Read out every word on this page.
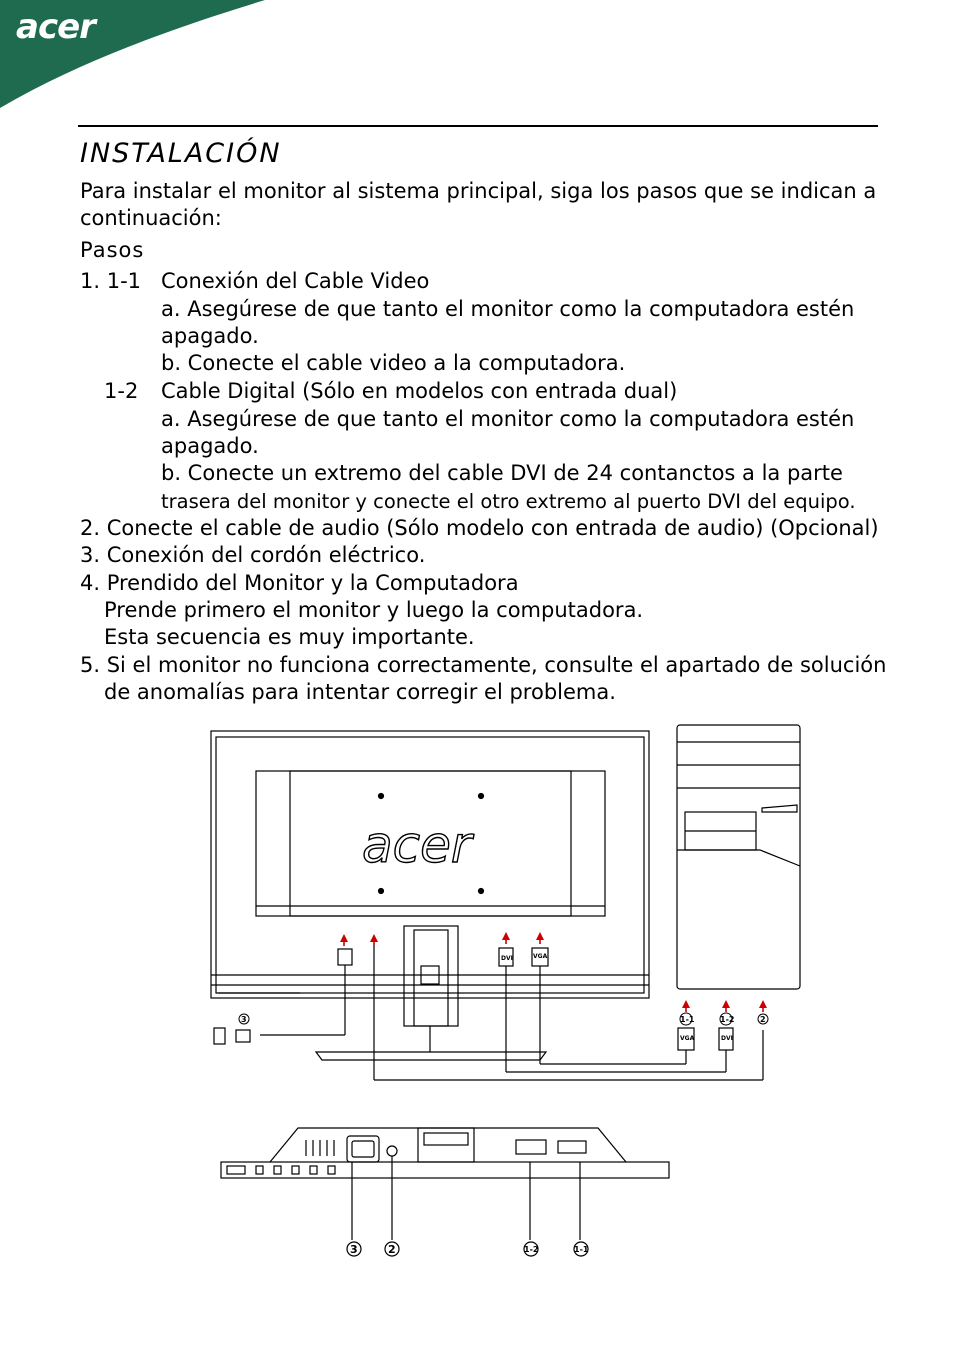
acer
INSTALACIÓN
Para instalar el monitor al sistema principal, siga los pasos que se indican a
continuación:
Pasos
1. 1-1 Conexión del Cable Video
a. Asegúrese de que tanto el monitor como la computadora estén
apagado.
b. Conecte el cable video a la computadora.
1-2 Cable Digital (Sólo en modelos con entrada dual)
a. Asegúrese de que tanto el monitor como la computadora estén
apagado.
b. Conecte un extremo del cable DVI de 24 contanctos a la parte
trasera del monitor y conecte el otro extremo al puerto DVI del equipo.
2. Conecte el cable de audio (Sólo modelo con entrada de audio) (Opcional)
3. Conexión del cordón eléctrico.
4. Prendido del Monitor y la Computadora
Prende primero el monitor y luego la computadora.
Esta secuencia es muy importante.
5. Si el monitor no funciona correctamente, consulte el apartado de solución
de anomalías para intentar corregir el problema.
acer
DVI	VGA
VGA	DVI
1-1	1-2	2
3
3	2	1-2	1-1
